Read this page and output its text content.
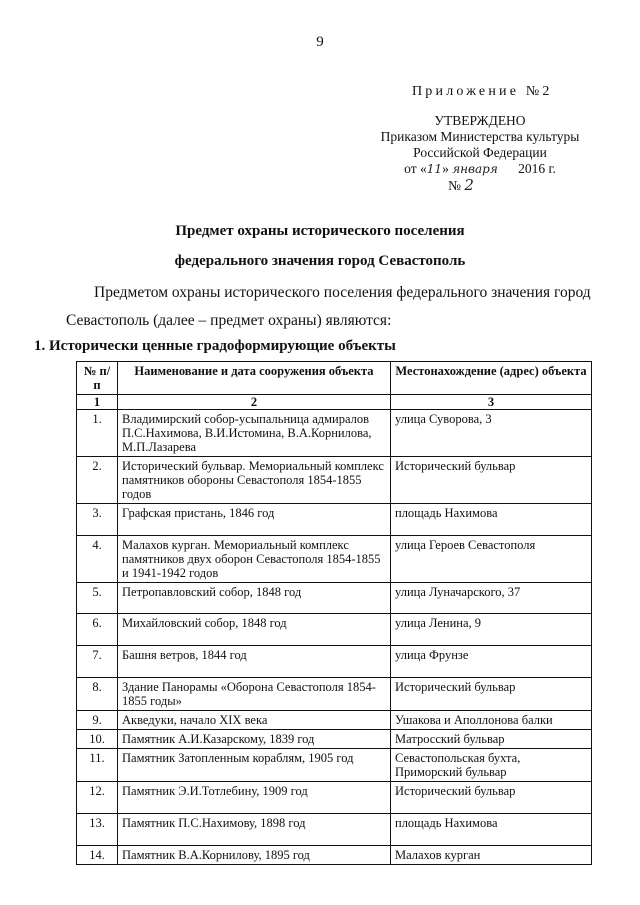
9
Приложение №2
УТВЕРЖДЕНО
Приказом Министерства культуры
Российской Федерации
от «11» января 2016 г.
№ 2
Предмет охраны исторического поселения
федерального значения город Севастополь
Предметом охраны исторического поселения федерального значения город
Севастополь (далее – предмет охраны) являются:
1. Исторически ценные градоформирующие объекты
№ п/п	Наименование и дата сооружения объекта	Местонахождение (адрес) объекта
1	2	3
1.	Владимирский собор-усыпальница адмиралов П.С.Нахимова, В.И.Истомина, В.А.Корнилова, М.П.Лазарева	улица Суворова, 3
2.	Исторический бульвар. Мемориальный комплекс памятников обороны Севастополя 1854-1855 годов	Исторический бульвар
3.	Графская пристань, 1846 год	площадь Нахимова
4.	Малахов курган. Мемориальный комплекс памятников двух оборон Севастополя 1854-1855 и 1941-1942 годов	улица Героев Севастополя
5.	Петропавловский собор, 1848 год	улица Луначарского, 37
6.	Михайловский собор, 1848 год	улица Ленина, 9
7.	Башня ветров, 1844 год	улица Фрунзе
8.	Здание Панорамы «Оборона Севастополя 1854-1855 годы»	Исторический бульвар
9.	Акведуки, начало XIX века	Ушакова и Аполлонова балки
10.	Памятник А.И.Казарскому, 1839 год	Матросский бульвар
11.	Памятник Затопленным кораблям, 1905 год	Севастопольская бухта, Приморский бульвар
12.	Памятник Э.И.Тотлебину, 1909 год	Исторический бульвар
13.	Памятник П.С.Нахимову, 1898 год	площадь Нахимова
14.	Памятник В.А.Корнилову, 1895 год	Малахов курган
